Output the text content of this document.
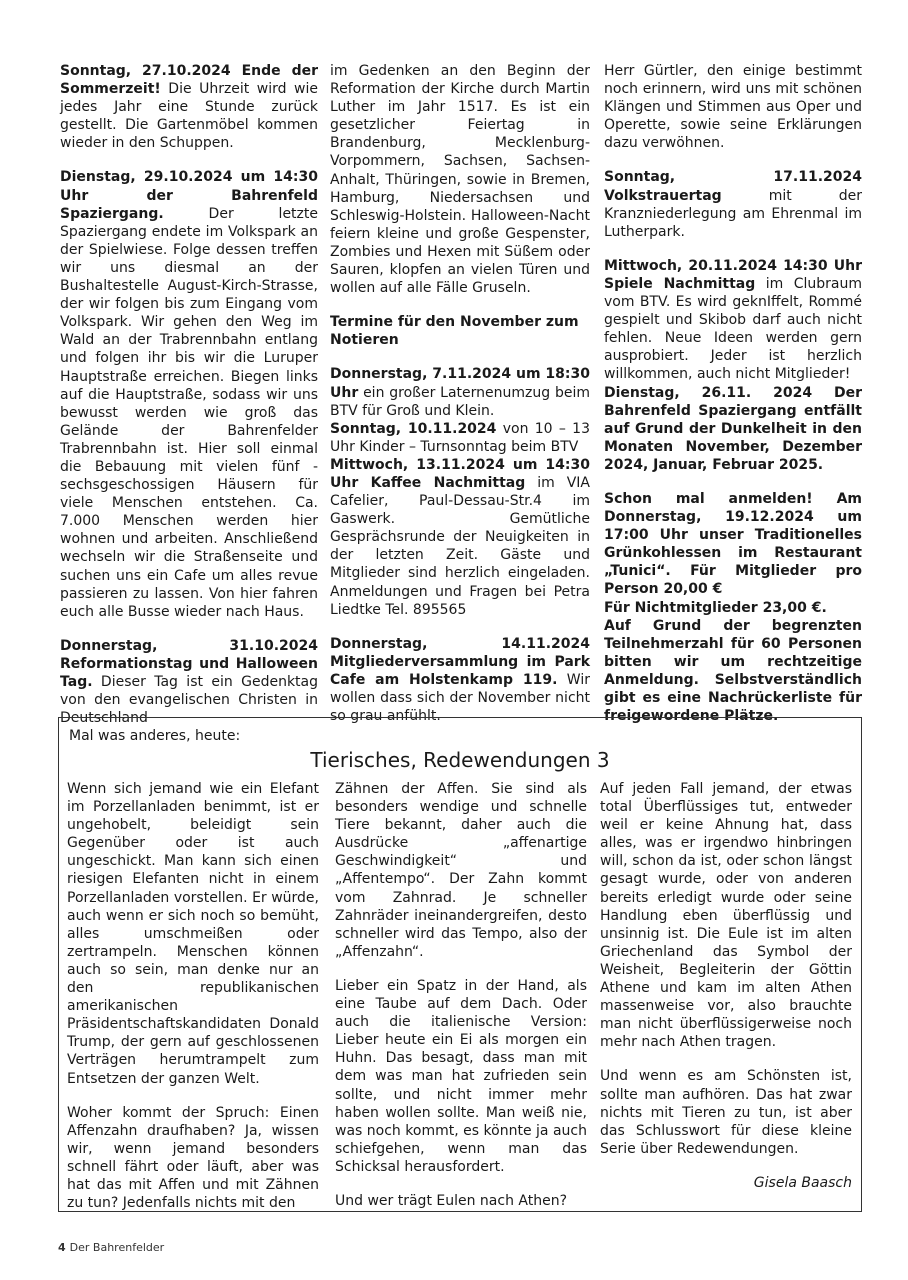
Sonntag, 27.10.2024 Ende der Sommerzeit! Die Uhrzeit wird wie jedes Jahr eine Stunde zurück gestellt. Die Gartenmöbel kommen wieder in den Schuppen.

Dienstag, 29.10.2024 um 14:30 Uhr der Bahrenfeld Spaziergang. Der letzte Spaziergang endete im Volkspark an der Spielwiese. Folge dessen treffen wir uns diesmal an der Bushaltestelle August-Kirch-Strasse, der wir folgen bis zum Eingang vom Volkspark. Wir gehen den Weg im Wald an der Trabrennbahn entlang und folgen ihr bis wir die Luruper Hauptstraße erreichen. Biegen links auf die Hauptstraße, sodass wir uns bewusst werden wie groß das Gelände der Bahrenfelder Trabrennbahn ist. Hier soll einmal die Bebauung mit vielen fünf - sechsgeschossigen Häusern für viele Menschen entstehen. Ca. 7.000 Menschen werden hier wohnen und arbeiten. Anschließend wechseln wir die Straßenseite und suchen uns ein Cafe um alles revue passieren zu lassen. Von hier fahren euch alle Busse wieder nach Haus.

Donnerstag, 31.10.2024 Reformationstag und Halloween Tag. Dieser Tag ist ein Gedenktag von den evangelischen Christen in Deutschland

im Gedenken an den Beginn der Reformation der Kirche durch Martin Luther im Jahr 1517. Es ist ein gesetzlicher Feiertag in Brandenburg, Mecklenburg-Vorpommern, Sachsen, Sachsen-Anhalt, Thüringen, sowie in Bremen, Hamburg, Niedersachsen und Schleswig-Holstein. Halloween-Nacht feiern kleine und große Gespenster, Zombies und Hexen mit Süßem oder Sauren, klopfen an vielen Türen und wollen auf alle Fälle Gruseln.

Termine für den November zum Notieren

Donnerstag, 7.11.2024 um 18:30 Uhr ein großer Laternenumzug beim BTV für Groß und Klein.

Sonntag, 10.11.2024 von 10 – 13 Uhr Kinder – Turnsonntag beim BTV

Mittwoch, 13.11.2024 um 14:30 Uhr Kaffee Nachmittag im VIA Cafelier, Paul-Dessau-Str.4 im Gaswerk. Gemütliche Gesprächsrunde der Neuigkeiten in der letzten Zeit. Gäste und Mitglieder sind herzlich eingeladen. Anmeldungen und Fragen bei Petra Liedtke Tel. 895565

Donnerstag, 14.11.2024 Mitgliederversammlung im Park Cafe am Holstenkamp 119. Wir wollen dass sich der November nicht so grau anfühlt.

Herr Gürtler, den einige bestimmt noch erinnern, wird uns mit schönen Klängen und Stimmen aus Oper und Operette, sowie seine Erklärungen dazu verwöhnen.

Sonntag, 17.11.2024 Volkstrauertag mit der Kranzniederlegung am Ehrenmal im Lutherpark.

Mittwoch, 20.11.2024 14:30 Uhr Spiele Nachmittag im Clubraum vom BTV. Es wird geknIffelt, Rommé gespielt und Skibob darf auch nicht fehlen. Neue Ideen werden gern ausprobiert. Jeder ist herzlich willkommen, auch nicht Mitglieder!

Dienstag, 26.11. 2024 Der Bahrenfeld Spaziergang entfällt auf Grund der Dunkelheit in den Monaten November, Dezember 2024, Januar, Februar 2025.

Schon mal anmelden! Am Donnerstag, 19.12.2024 um 17:00 Uhr unser Traditionelles Grünkohlessen im Restaurant „Tunici“. Für Mitglieder pro Person 20,00 €

Für Nichtmitglieder 23,00 €.

Auf Grund der begrenzten Teilnehmerzahl für 60 Personen bitten wir um rechtzeitige Anmeldung. Selbstverständlich gibt es eine Nachrückerliste für freigewordene Plätze.

Mal was anderes, heute:
Tierisches, Redewendungen 3

Wenn sich jemand wie ein Elefant im Porzellanladen benimmt, ist er ungehobelt, beleidigt sein Gegenüber oder ist auch ungeschickt. Man kann sich einen riesigen Elefanten nicht in einem Porzellanladen vorstellen. Er würde, auch wenn er sich noch so bemüht, alles umschmeißen oder zertrampeln. Menschen können auch so sein, man denke nur an den republikanischen amerikanischen Präsidentschaftskandidaten Donald Trump, der gern auf geschlossenen Verträgen herumtrampelt zum Entsetzen der ganzen Welt.

Woher kommt der Spruch: Einen Affenzahn draufhaben? Ja, wissen wir, wenn jemand besonders schnell fährt oder läuft, aber was hat das mit Affen und mit Zähnen zu tun? Jedenfalls nichts mit den

Zähnen der Affen. Sie sind als besonders wendige und schnelle Tiere bekannt, daher auch die Ausdrücke „affenartige Geschwindigkeit“ und „Affentempo“. Der Zahn kommt vom Zahnrad. Je schneller Zahnräder ineinandergreifen, desto schneller wird das Tempo, also der „Affenzahn“.

Lieber ein Spatz in der Hand, als eine Taube auf dem Dach. Oder auch die italienische Version: Lieber heute ein Ei als morgen ein Huhn. Das besagt, dass man mit dem was man hat zufrieden sein sollte, und nicht immer mehr haben wollen sollte. Man weiß nie, was noch kommt, es könnte ja auch schiefgehen, wenn man das Schicksal herausfordert.

Und wer trägt Eulen nach Athen?

Auf jeden Fall jemand, der etwas total Überflüssiges tut, entweder weil er keine Ahnung hat, dass alles, was er irgendwo hinbringen will, schon da ist, oder schon längst gesagt wurde, oder von anderen bereits erledigt wurde oder seine Handlung eben überflüssig und unsinnig ist. Die Eule ist im alten Griechenland das Symbol der Weisheit, Begleiterin der Göttin Athene und kam im alten Athen massenweise vor, also brauchte man nicht überflüssigerweise noch mehr nach Athen tragen.

Und wenn es am Schönsten ist, sollte man aufhören. Das hat zwar nichts mit Tieren zu tun, ist aber das Schlusswort für diese kleine Serie über Redewendungen.

Gisela Baasch

4 Der Bahrenfelder
